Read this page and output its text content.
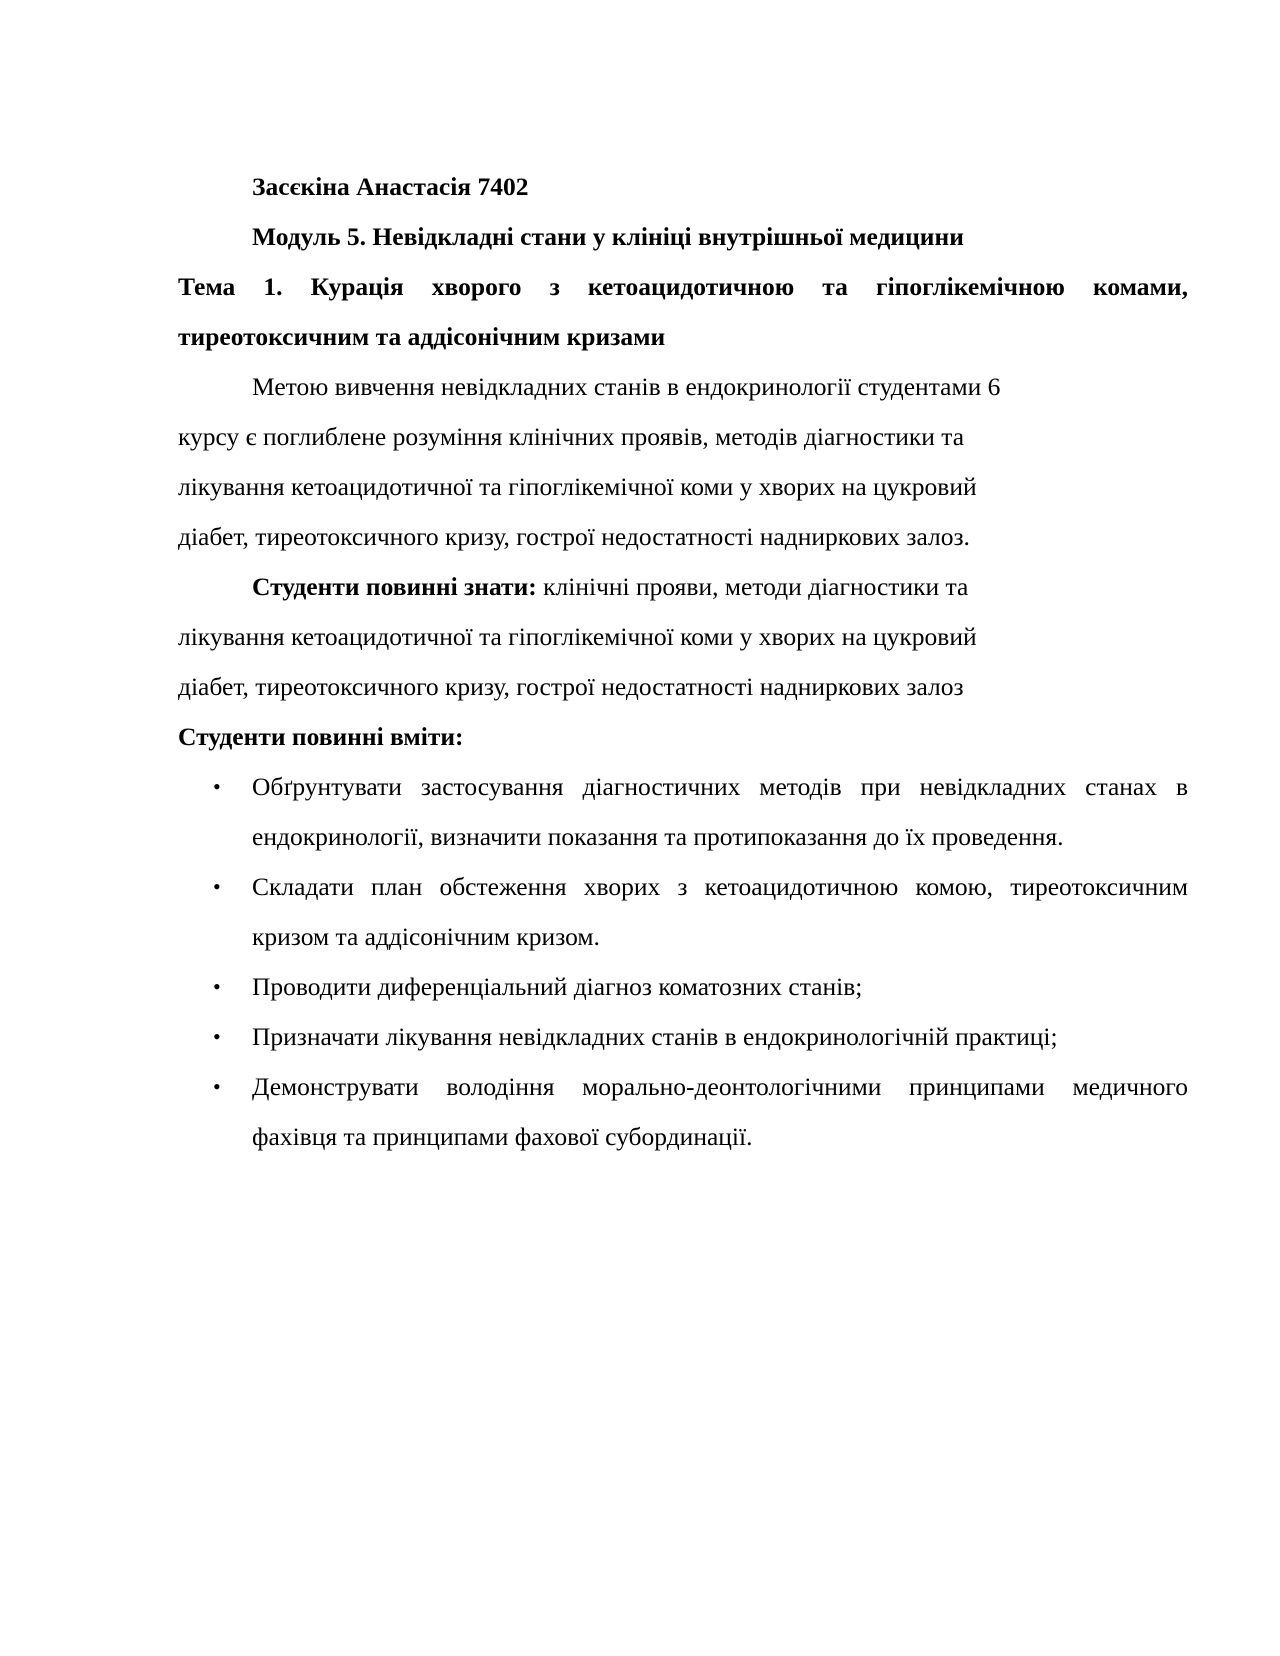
Засєкіна Анастасія 7402
Модуль 5. Невідкладні стани у клініці внутрішньої медицини

Тема 1. Курація хворого з кетоацидотичною та гіпоглікемічною комами, тиреотоксичним та аддісонічним кризами

Метою вивчення невідкладних станів в ендокринології студентами 6
курсу є поглиблене розуміння клінічних проявів, методів діагностики та
лікування кетоацидотичної та гіпоглікемічної коми у хворих на цукровий
діабет, тиреотоксичного кризу, гострої недостатності наднирковиx залоз.
Студенти повинні знати: клінічні прояви, методи діагностики та
лікування кетоацидотичної та гіпоглікемічної коми у хворих на цукровий
діабет, тиреотоксичного кризу, гострої недостатності наднирковиx залоз
Студенти повинні вміти:
• Обґрунтувати застосування діагностичних методів при невідкладних станах в ендокринології, визначити показання та протипоказання до їх проведення.
• Складати план обстеження хворих з кетоацидотичною комою, тиреотоксичним кризом та аддісонічним кризом.
• Проводити диференціальний діагноз коматозних станів;
• Призначати лікування невідкладних станів в ендокринологічній практиці;
• Демонструвати володіння морально-деонтологічними принципами медичного фахівця та принципами фахової субординації.
